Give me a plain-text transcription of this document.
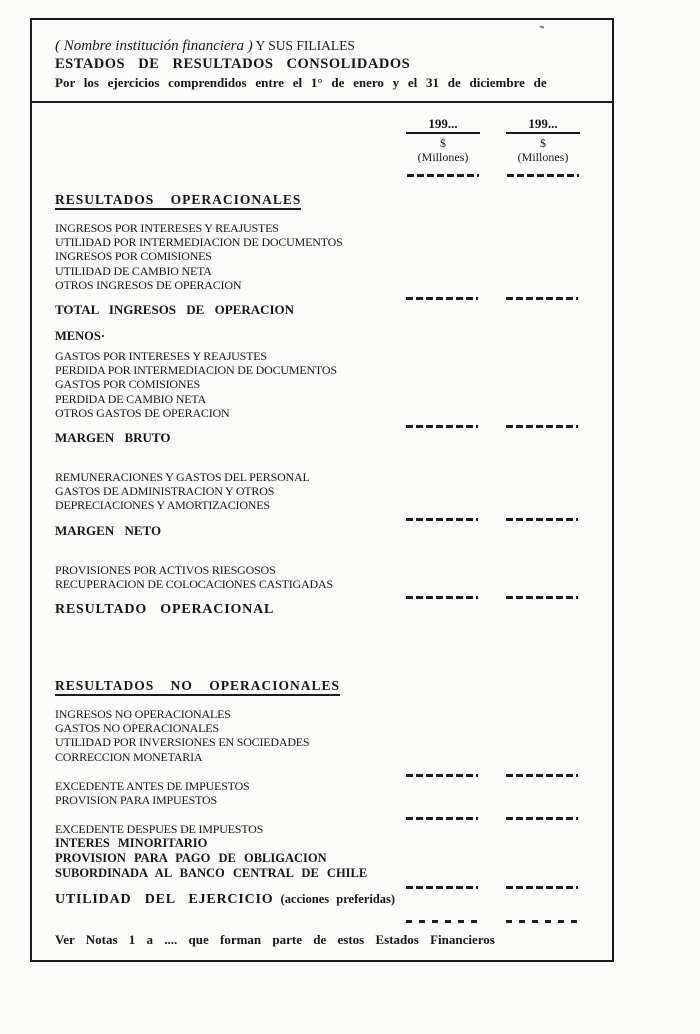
( Nombre institución financiera ) Y SUS FILIALES
ESTADOS DE RESULTADOS CONSOLIDADOS
Por los ejercicios comprendidos entre el 1° de enero y el 31 de diciembre de
199...
$
(Millones)
199...
$
(Millones)
RESULTADOS OPERACIONALES
INGRESOS POR INTERESES Y REAJUSTES
UTILIDAD POR INTERMEDIACION DE DOCUMENTOS
INGRESOS POR COMISIONES
UTILIDAD DE CAMBIO NETA
OTROS INGRESOS DE OPERACION
TOTAL INGRESOS DE OPERACION
MENOS·
GASTOS POR INTERESES Y REAJUSTES
PERDIDA POR INTERMEDIACION DE DOCUMENTOS
GASTOS POR COMISIONES
PERDIDA DE CAMBIO NETA
OTROS GASTOS DE OPERACION
MARGEN BRUTO
REMUNERACIONES Y GASTOS DEL PERSONAL
GASTOS DE ADMINISTRACION Y OTROS
DEPRECIACIONES Y AMORTIZACIONES
MARGEN NETO
PROVISIONES POR ACTIVOS RIESGOSOS
RECUPERACION DE COLOCACIONES CASTIGADAS
RESULTADO OPERACIONAL
RESULTADOS NO OPERACIONALES
INGRESOS NO OPERACIONALES
GASTOS NO OPERACIONALES
UTILIDAD POR INVERSIONES EN SOCIEDADES
CORRECCION MONETARIA
EXCEDENTE ANTES DE IMPUESTOS
PROVISION PARA IMPUESTOS
EXCEDENTE DESPUES DE IMPUESTOS
INTERES MINORITARIO
PROVISION PARA PAGO DE OBLIGACION
SUBORDINADA AL BANCO CENTRAL DE CHILE
UTILIDAD DEL EJERCICIO (acciones preferidas)
Ver Notas 1 a .... que forman parte de estos Estados Financieros
